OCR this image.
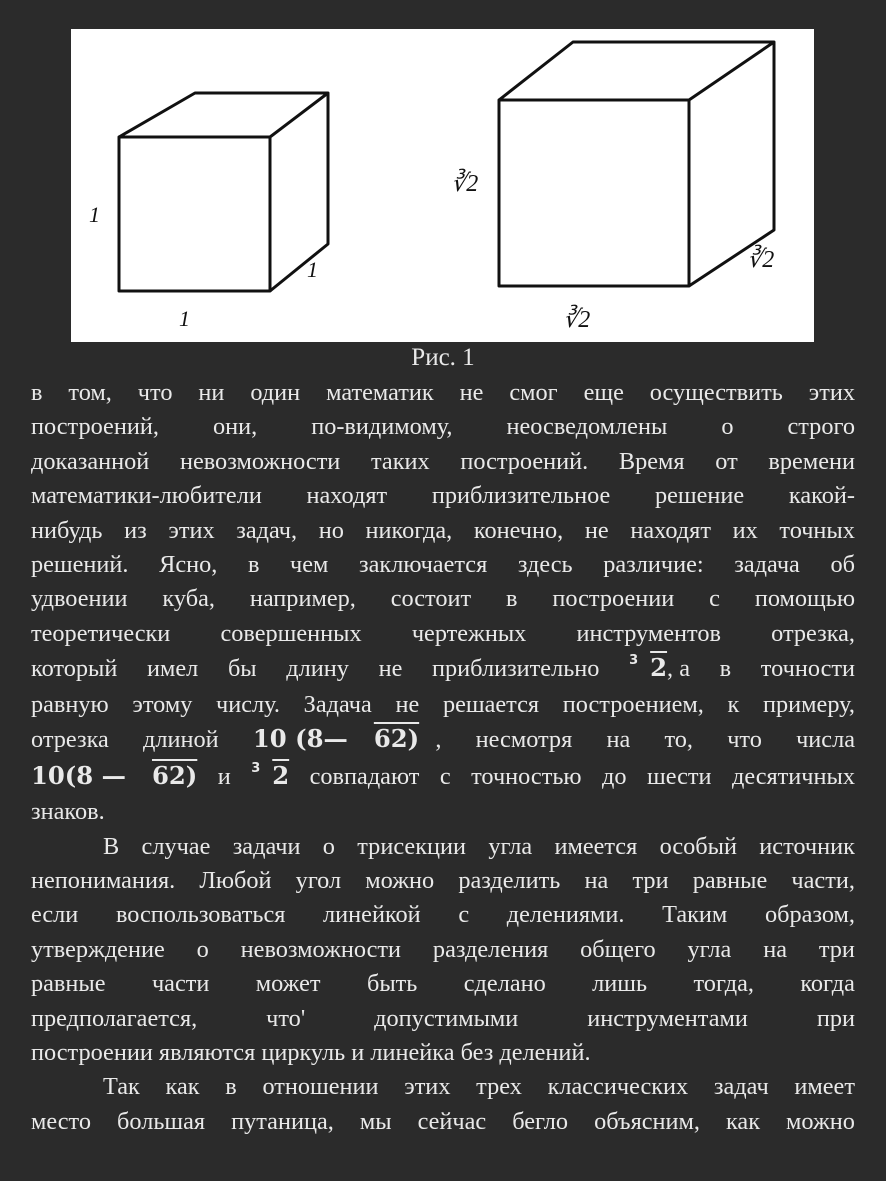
1
1
1
∛2
∛2
∛2
Рис. 1
в том, что ни один математик не смог еще осуществить этих
построений, они, по-видимому, неосведомлены о строго
доказанной невозможности таких построений. Время от времени
математики-любители находят приблизительное решение какой-
нибудь из этих задач, но никогда, конечно, не находят их точных
решений. Ясно, в чем заключается здесь различие: задача об
удвоении куба, например, состоит в построении с помощью
теоретически совершенных чертежных инструментов отрезка,
который имел бы длину не приблизительно $^3$ 2, а в точности
равную этому числу. Задача не решается построением, к примеру,
отрезка длиной 10 (8— 62) , несмотря на то, что числа
10(8 — 62) и $^3$ 2 совпадают с точностью до шести десятичных
знаков.
В случае задачи о трисекции угла имеется особый источник
непонимания. Любой угол можно разделить на три равные части,
если воспользоваться линейкой с делениями. Таким образом,
утверждение о невозможности разделения общего угла на три
равные части может быть сделано лишь тогда, когда
предполагается,	что'	допустимыми	инструментами	при
построении являются циркуль и линейка без делений.
Так как в отношении этих трех классических задач имеет
место большая путаница, мы сейчас бегло объясним, как можно
